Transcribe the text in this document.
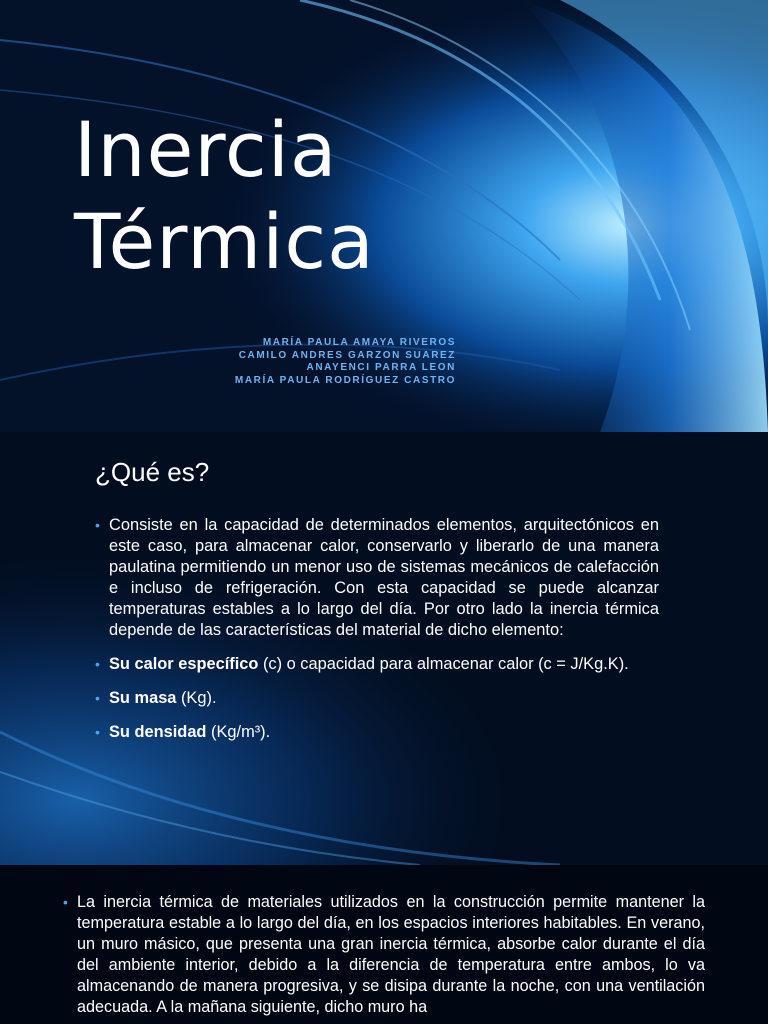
Inercia
Térmica
MARÍA PAULA AMAYA RIVEROS
CAMILO ANDRES GARZON SUAREZ
ANAYENCI PARRA LEON
MARÍA PAULA RODRÍGUEZ CASTRO
¿Qué es?

• Consiste en la capacidad de determinados elementos, arquitectónicos en este caso, para almacenar calor, conservarlo y liberarlo de una manera paulatina permitiendo un menor uso de sistemas mecánicos de calefacción e incluso de refrigeración. Con esta capacidad se puede alcanzar temperaturas estables a lo largo del día. Por otro lado la inercia térmica depende de las características del material de dicho elemento:

• Su calor específico (c) o capacidad para almacenar calor (c = J/Kg.K).

• Su masa (Kg).

• Su densidad (Kg/m³).

• La inercia térmica de materiales utilizados en la construcción permite mantener la temperatura estable a lo largo del día, en los espacios interiores habitables. En verano, un muro másico, que presenta una gran inercia térmica, absorbe calor durante el día del ambiente interior, debido a la diferencia de temperatura entre ambos, lo va almacenando de manera progresiva, y se disipa durante la noche, con una ventilación adecuada. A la mañana siguiente, dicho muro ha
